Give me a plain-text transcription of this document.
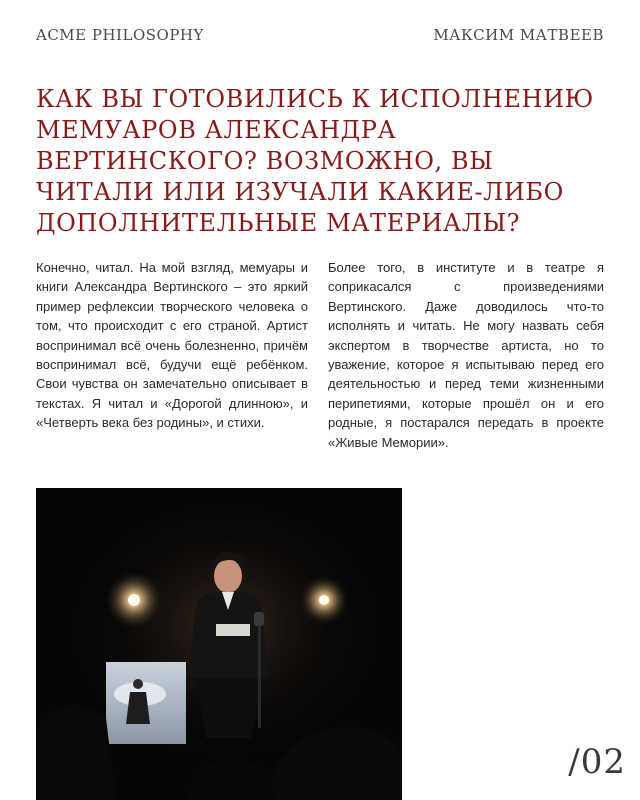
ACME PHILOSOPHY	МАКСИМ МАТВЕЕВ
КАК ВЫ ГОТОВИЛИСЬ К ИСПОЛНЕНИЮ МЕМУАРОВ АЛЕКСАНДРА ВЕРТИНСКОГО? ВОЗМОЖНО, ВЫ ЧИТАЛИ ИЛИ ИЗУЧАЛИ КАКИЕ-ЛИБО ДОПОЛНИТЕЛЬНЫЕ МАТЕРИАЛЫ?

Конечно, читал. На мой взгляд, мемуары и книги Александра Вертинского – это яркий пример рефлексии творческого человека о том, что происходит с его страной. Артист воспринимал всё очень болезненно, причём воспринимал всё, будучи ещё ребёнком. Свои чувства он замечательно описывает в текстах. Я читал и «Дорогой длинною», и «Четверть века без родины», и стихи.

Более того, в институте и в театре я соприкасался с произведениями Вертинского. Даже доводилось что-то исполнять и читать. Не могу назвать себя экспертом в творчестве артиста, но то уважение, которое я испытываю перед его деятельностью и перед теми жизненными перипетиями, которые прошёл он и его родные, я постарался передать в проекте «Живые Мемории».

/02
